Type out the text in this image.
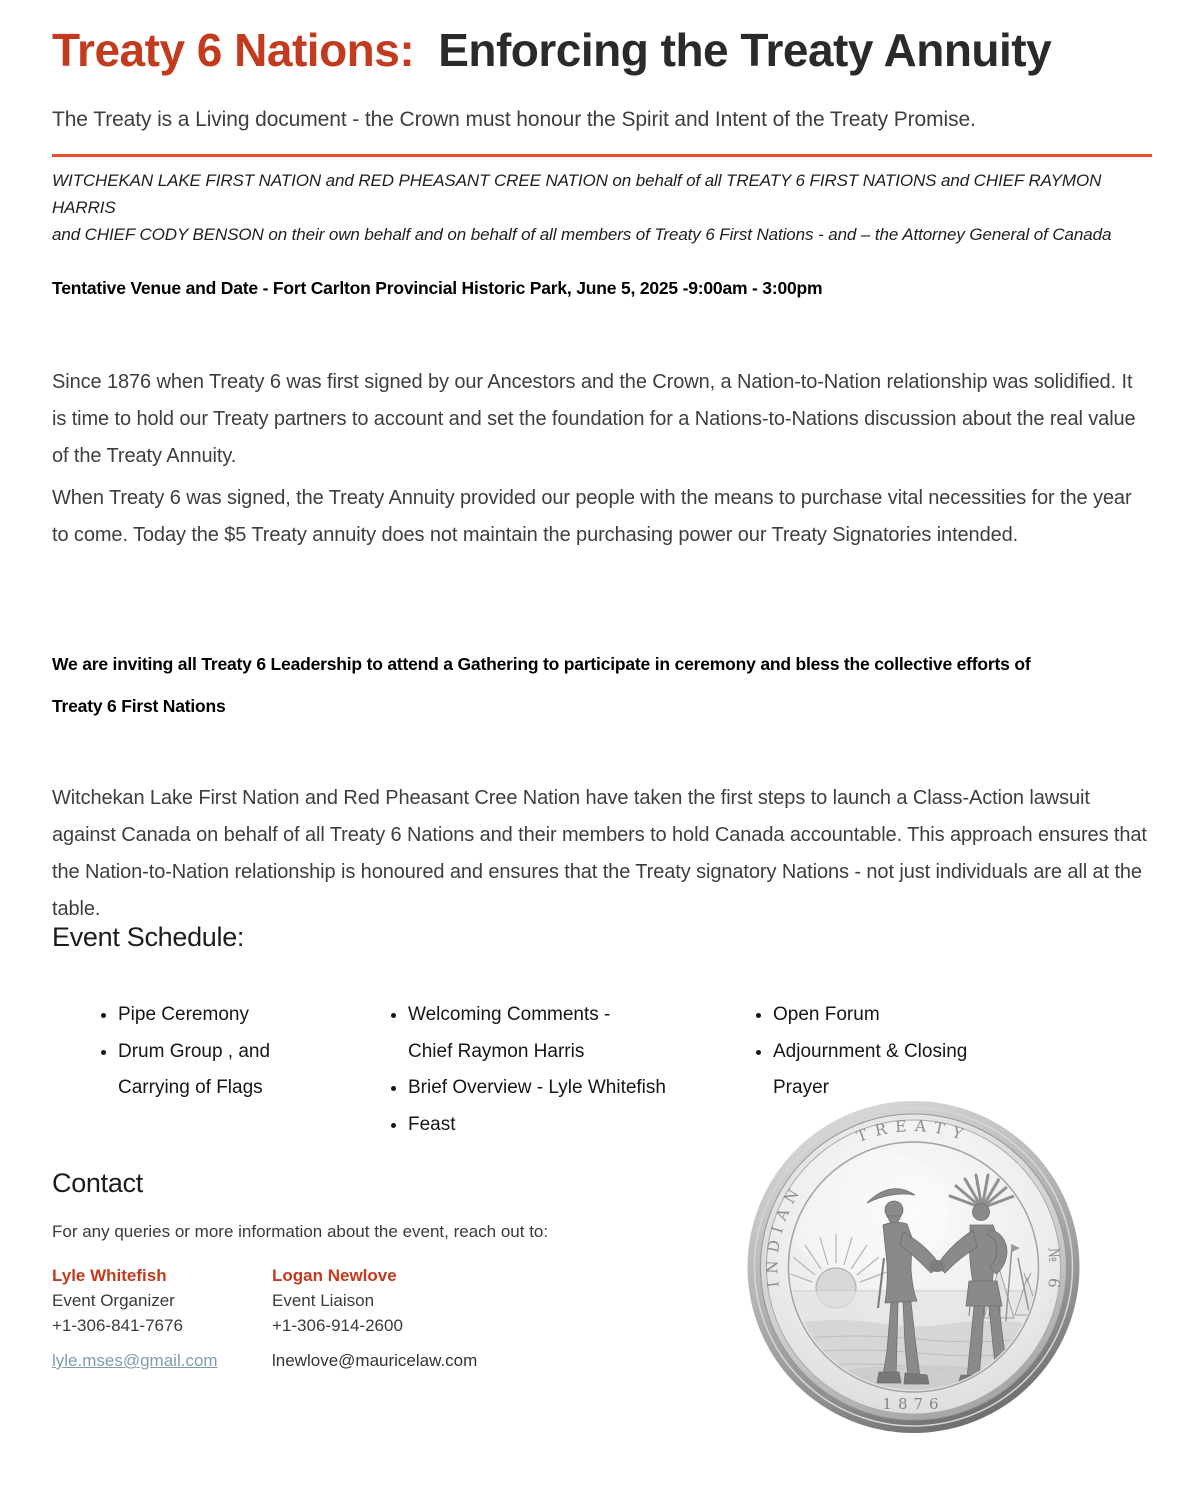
Treaty 6 Nations: Enforcing the Treaty Annuity
The Treaty is a Living document - the Crown must honour the Spirit and Intent of the Treaty Promise.
WITCHEKAN LAKE FIRST NATION and RED PHEASANT CREE NATION on behalf of all TREATY 6 FIRST NATIONS and CHIEF RAYMON HARRIS
and CHIEF CODY BENSON on their own behalf and on behalf of all members of Treaty 6 First Nations - and – the Attorney General of Canada
Tentative Venue and Date - Fort Carlton Provincial Historic Park, June 5, 2025 -9:00am - 3:00pm
Since 1876 when Treaty 6 was first signed by our Ancestors and the Crown, a Nation-to-Nation relationship was solidified. It is time to hold our Treaty partners to account and set the foundation for a Nations-to-Nations discussion about the real value of the Treaty Annuity.
When Treaty 6 was signed, the Treaty Annuity provided our people with the means to purchase vital necessities for the year to come. Today the $5 Treaty annuity does not maintain the purchasing power our Treaty Signatories intended.
We are inviting all Treaty 6 Leadership to attend a Gathering to participate in ceremony and bless the collective efforts of
Treaty 6 First Nations
Witchekan Lake First Nation and Red Pheasant Cree Nation have taken the first steps to launch a Class-Action lawsuit against Canada on behalf of all Treaty 6 Nations and their members to hold Canada accountable. This approach ensures that the Nation-to-Nation relationship is honoured and ensures that the Treaty signatory Nations - not just individuals are all at the table.
Event Schedule:
• Pipe Ceremony
• Drum Group , and
Carrying of Flags
• Welcoming Comments -
Chief Raymon Harris
• Brief Overview - Lyle Whitefish
• Feast
• Open Forum
• Adjournment & Closing
Prayer
Contact
For any queries or more information about the event, reach out to:
Lyle Whitefish
Event Organizer
+1-306-841-7676
lyle.mses@gmail.com
Logan Newlove
Event Liaison
+1-306-914-2600
lnewlove@mauricelaw.com
INDIAN
TREATY
№ 6
1876
